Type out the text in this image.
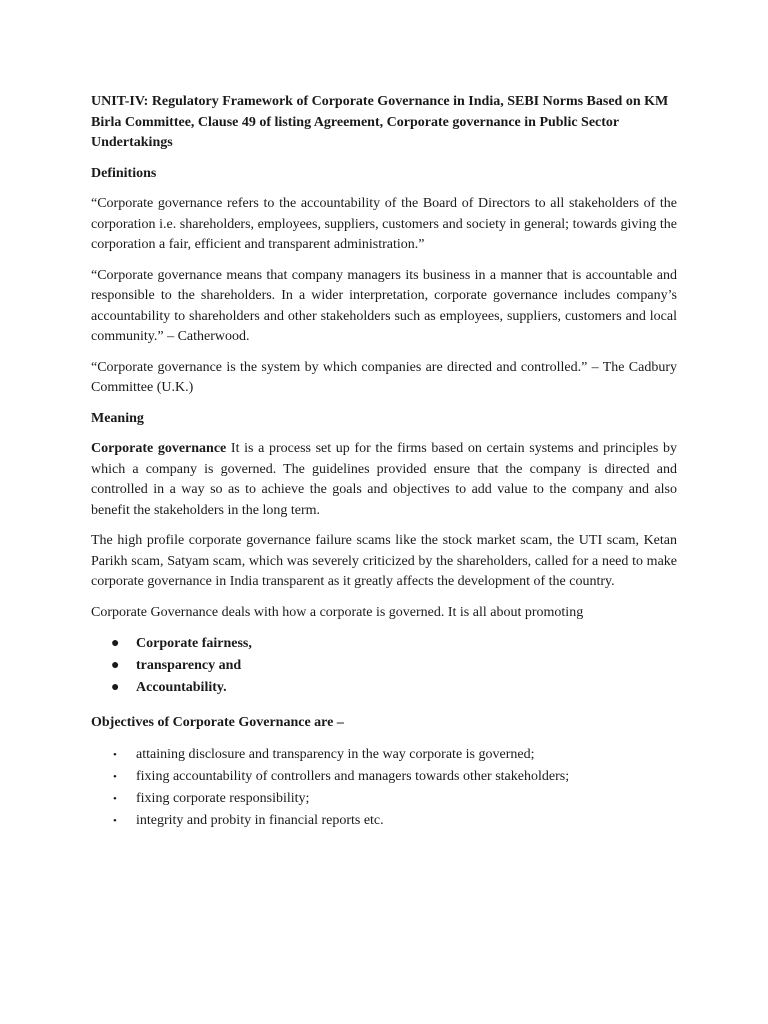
UNIT-IV: Regulatory Framework of Corporate Governance in India, SEBI Norms Based on KM Birla Committee, Clause 49 of listing Agreement, Corporate governance in Public Sector Undertakings
Definitions

“Corporate governance refers to the accountability of the Board of Directors to all stakeholders of the corporation i.e. shareholders, employees, suppliers, customers and society in general; towards giving the corporation a fair, efficient and transparent administration.”

“Corporate governance means that company managers its business in a manner that is accountable and responsible to the shareholders. In a wider interpretation, corporate governance includes company’s accountability to shareholders and other stakeholders such as employees, suppliers, customers and local community.” – Catherwood.

“Corporate governance is the system by which companies are directed and controlled.” – The Cadbury Committee (U.K.)

Meaning

Corporate governance It is a process set up for the firms based on certain systems and principles by which a company is governed. The guidelines provided ensure that the company is directed and controlled in a way so as to achieve the goals and objectives to add value to the company and also benefit the stakeholders in the long term.

The high profile corporate governance failure scams like the stock market scam, the UTI scam, Ketan Parikh scam, Satyam scam, which was severely criticized by the shareholders, called for a need to make corporate governance in India transparent as it greatly affects the development of the country.

Corporate Governance deals with how a corporate is governed. It is all about promoting

● Corporate fairness,
● transparency and
● Accountability.
Objectives of Corporate Governance are –
• attaining disclosure and transparency in the way corporate is governed;
• fixing accountability of controllers and managers towards other stakeholders;
• fixing corporate responsibility;
• integrity and probity in financial reports etc.
